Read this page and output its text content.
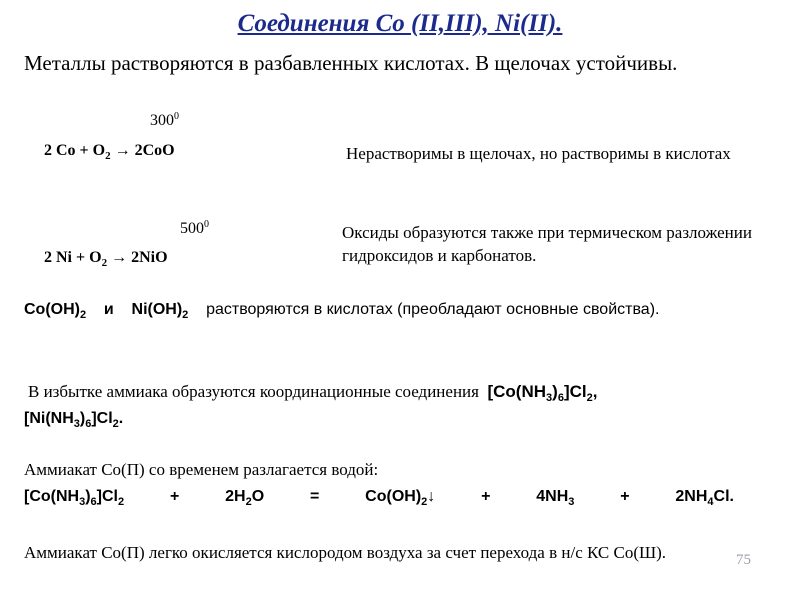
Соединения Co (II,III), Ni(II).
Металлы растворяются в разбавленных кислотах. В щелочах устойчивы.
$300^0$
2 $Co + O_2 \to 2CoO$	Нерастворимы в щелочах, но растворимы в кислотах
$500^0$
2 $Ni + O_2 \to 2NiO$
Оксиды образуются также при термическом разложении гидроксидов и карбонатов.
$Co(OH)_2$ и $Ni(OH)_2$ растворяются в кислотах (преобладают основные свойства).
В избытке аммиака образуются координационные соединения $[Co(NH_3)_6]Cl_2$,
$[Ni(NH_3)_6]Cl_2$.
Аммиакат Co(П) со временем разлагается водой:
$[Co(NH_3)_6]Cl_2$	+	$2H_2O$	=	$Co(OH)_2↓$	+	$4NH_3$	+	$2NH_4Cl$.
Аммиакат Co(П) легко окисляется кислородом воздуха за счет перехода в н/с КС Co(Ш).	75
